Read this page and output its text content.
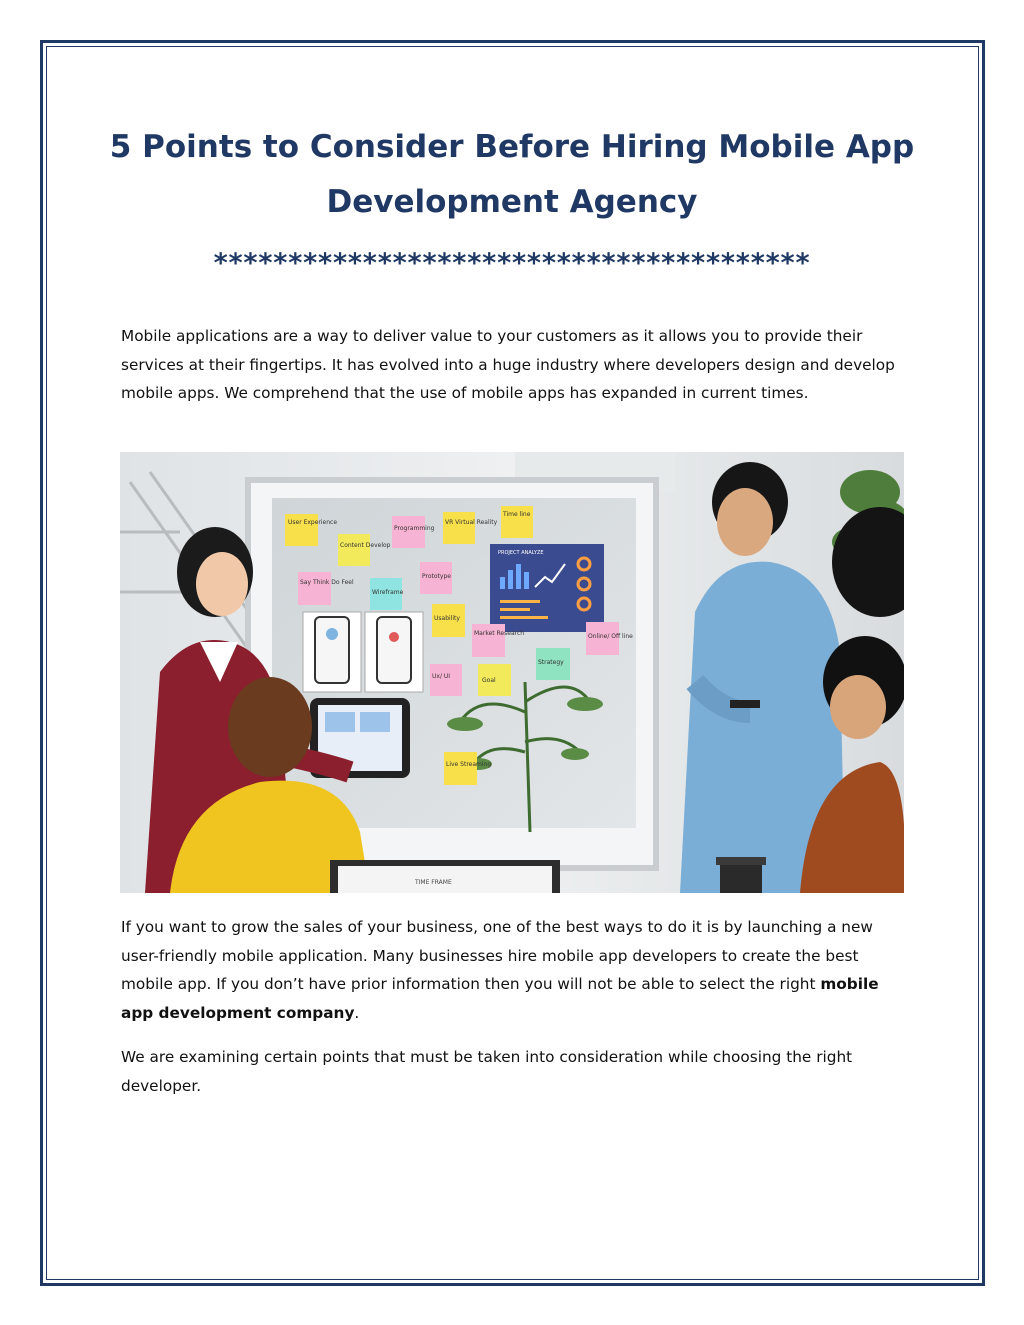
5 Points to Consider Before Hiring Mobile App Development Agency
****************************************

Mobile applications are a way to deliver value to your customers as it allows you to provide their services at their fingertips. It has evolved into a huge industry where developers design and develop mobile apps. We comprehend that the use of mobile apps has expanded in current times.

PROJECT ANALYZE
User Experience
Programming
VR Virtual Reality
Time line
Content Develop
Prototype
Say Think Do Feel
Wireframe
Usability
Market Research	Online/ Off line
Ux/ UI
Goal
Strategy
Live Streaming
TIME FRAME

If you want to grow the sales of your business, one of the best ways to do it is by launching a new user-friendly mobile application. Many businesses hire mobile app developers to create the best mobile app. If you don’t have prior information then you will not be able to select the right mobile app development company.

We are examining certain points that must be taken into consideration while choosing the right developer.
